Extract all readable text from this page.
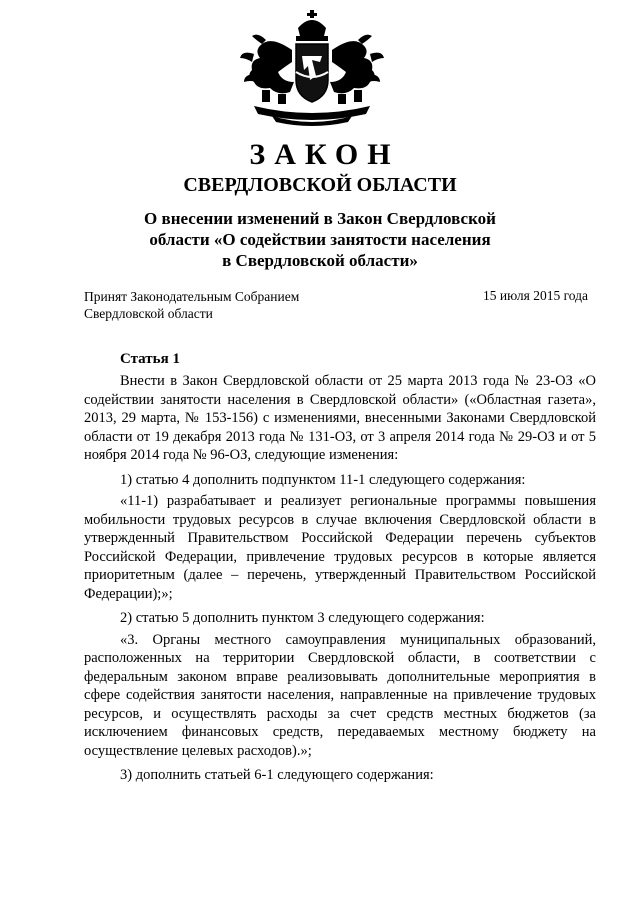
ЗАКОН
СВЕРДЛОВСКОЙ ОБЛАСТИ
О внесении изменений в Закон Свердловской
области «О содействии занятости населения
в Свердловской области»
Принят Законодательным Собранием
Свердловской области
15 июля 2015 года
Статья 1

Внести в Закон Свердловской области от 25 марта 2013 года № 23-ОЗ «О содействии занятости населения в Свердловской области» («Областная газета», 2013, 29 марта, № 153-156) с изменениями, внесенными Законами Свердловской области от 19 декабря 2013 года № 131-ОЗ, от 3 апреля 2014 года № 29-ОЗ и от 5 ноября 2014 года № 96-ОЗ, следующие изменения:

1) статью 4 дополнить подпунктом 11-1 следующего содержания:

«11-1) разрабатывает и реализует региональные программы повышения мобильности трудовых ресурсов в случае включения Свердловской области в утвержденный Правительством Российской Федерации перечень субъектов Российской Федерации, привлечение трудовых ресурсов в которые является приоритетным (далее – перечень, утвержденный Правительством Российской Федерации);»;

2) статью 5 дополнить пунктом 3 следующего содержания:

«3. Органы местного самоуправления муниципальных образований, расположенных на территории Свердловской области, в соответствии с федеральным законом вправе реализовывать дополнительные мероприятия в сфере содействия занятости населения, направленные на привлечение трудовых ресурсов, и осуществлять расходы за счет средств местных бюджетов (за исключением финансовых средств, передаваемых местному бюджету на осуществление целевых расходов).»;

3) дополнить статьей 6-1 следующего содержания:
